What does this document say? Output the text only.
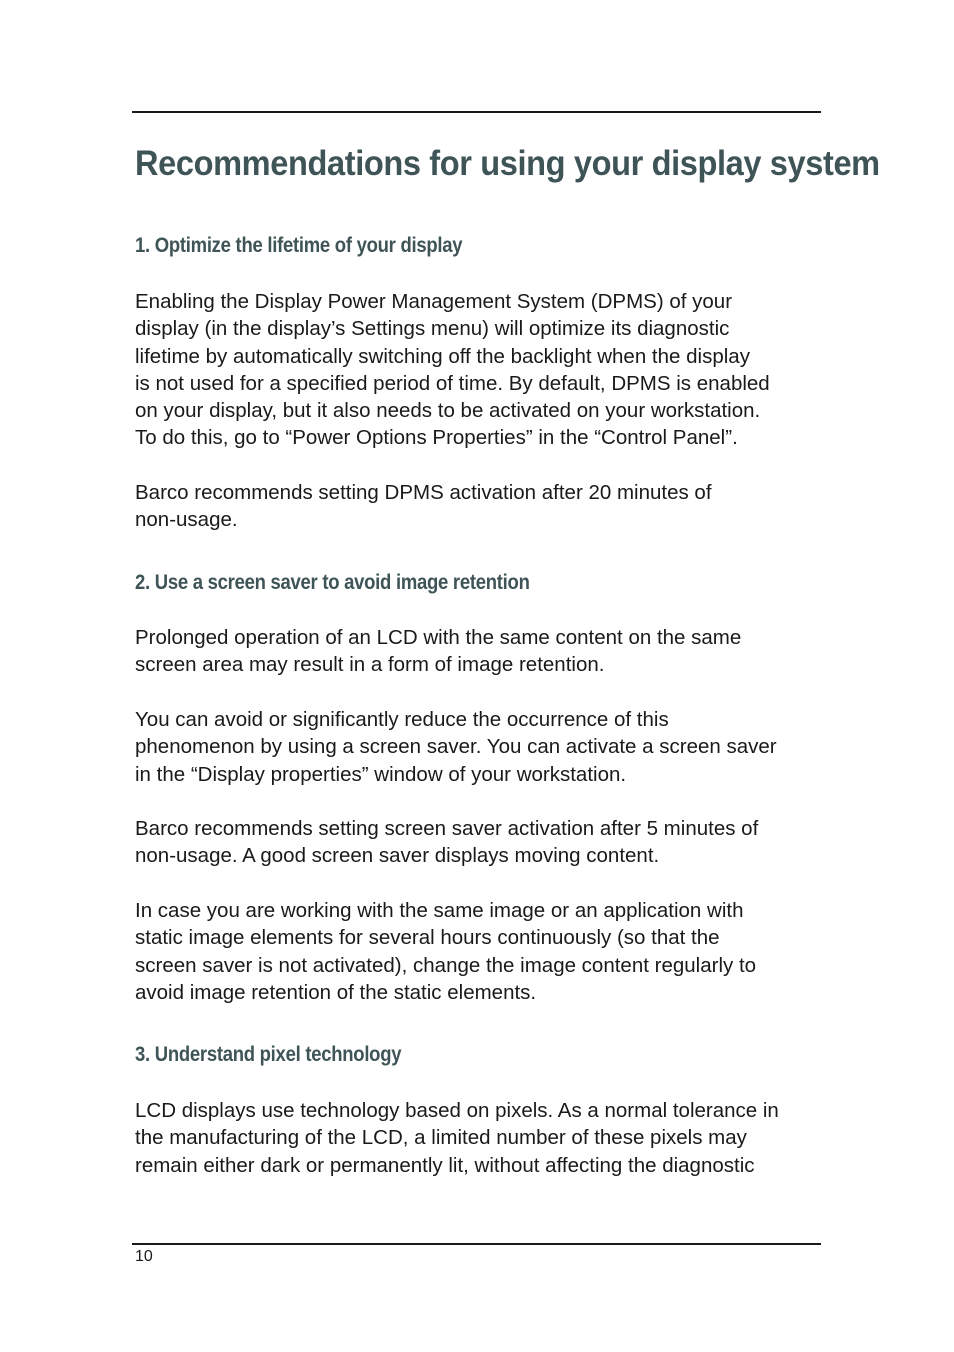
Recommendations for using your display system
1. Optimize the lifetime of your display

Enabling the Display Power Management System (DPMS) of your
display (in the display’s Settings menu) will optimize its diagnostic
lifetime by automatically switching off the backlight when the display
is not used for a specified period of time. By default, DPMS is enabled
on your display, but it also needs to be activated on your workstation.
To do this, go to “Power Options Properties” in the “Control Panel”.

Barco recommends setting DPMS activation after 20 minutes of
non-usage.

2. Use a screen saver to avoid image retention

Prolonged operation of an LCD with the same content on the same
screen area may result in a form of image retention.

You can avoid or significantly reduce the occurrence of this
phenomenon by using a screen saver. You can activate a screen saver
in the “Display properties” window of your workstation.

Barco recommends setting screen saver activation after 5 minutes of
non-usage. A good screen saver displays moving content.

In case you are working with the same image or an application with
static image elements for several hours continuously (so that the
screen saver is not activated), change the image content regularly to
avoid image retention of the static elements.

3. Understand pixel technology

LCD displays use technology based on pixels. As a normal tolerance in
the manufacturing of the LCD, a limited number of these pixels may
remain either dark or permanently lit, without affecting the diagnostic

10
